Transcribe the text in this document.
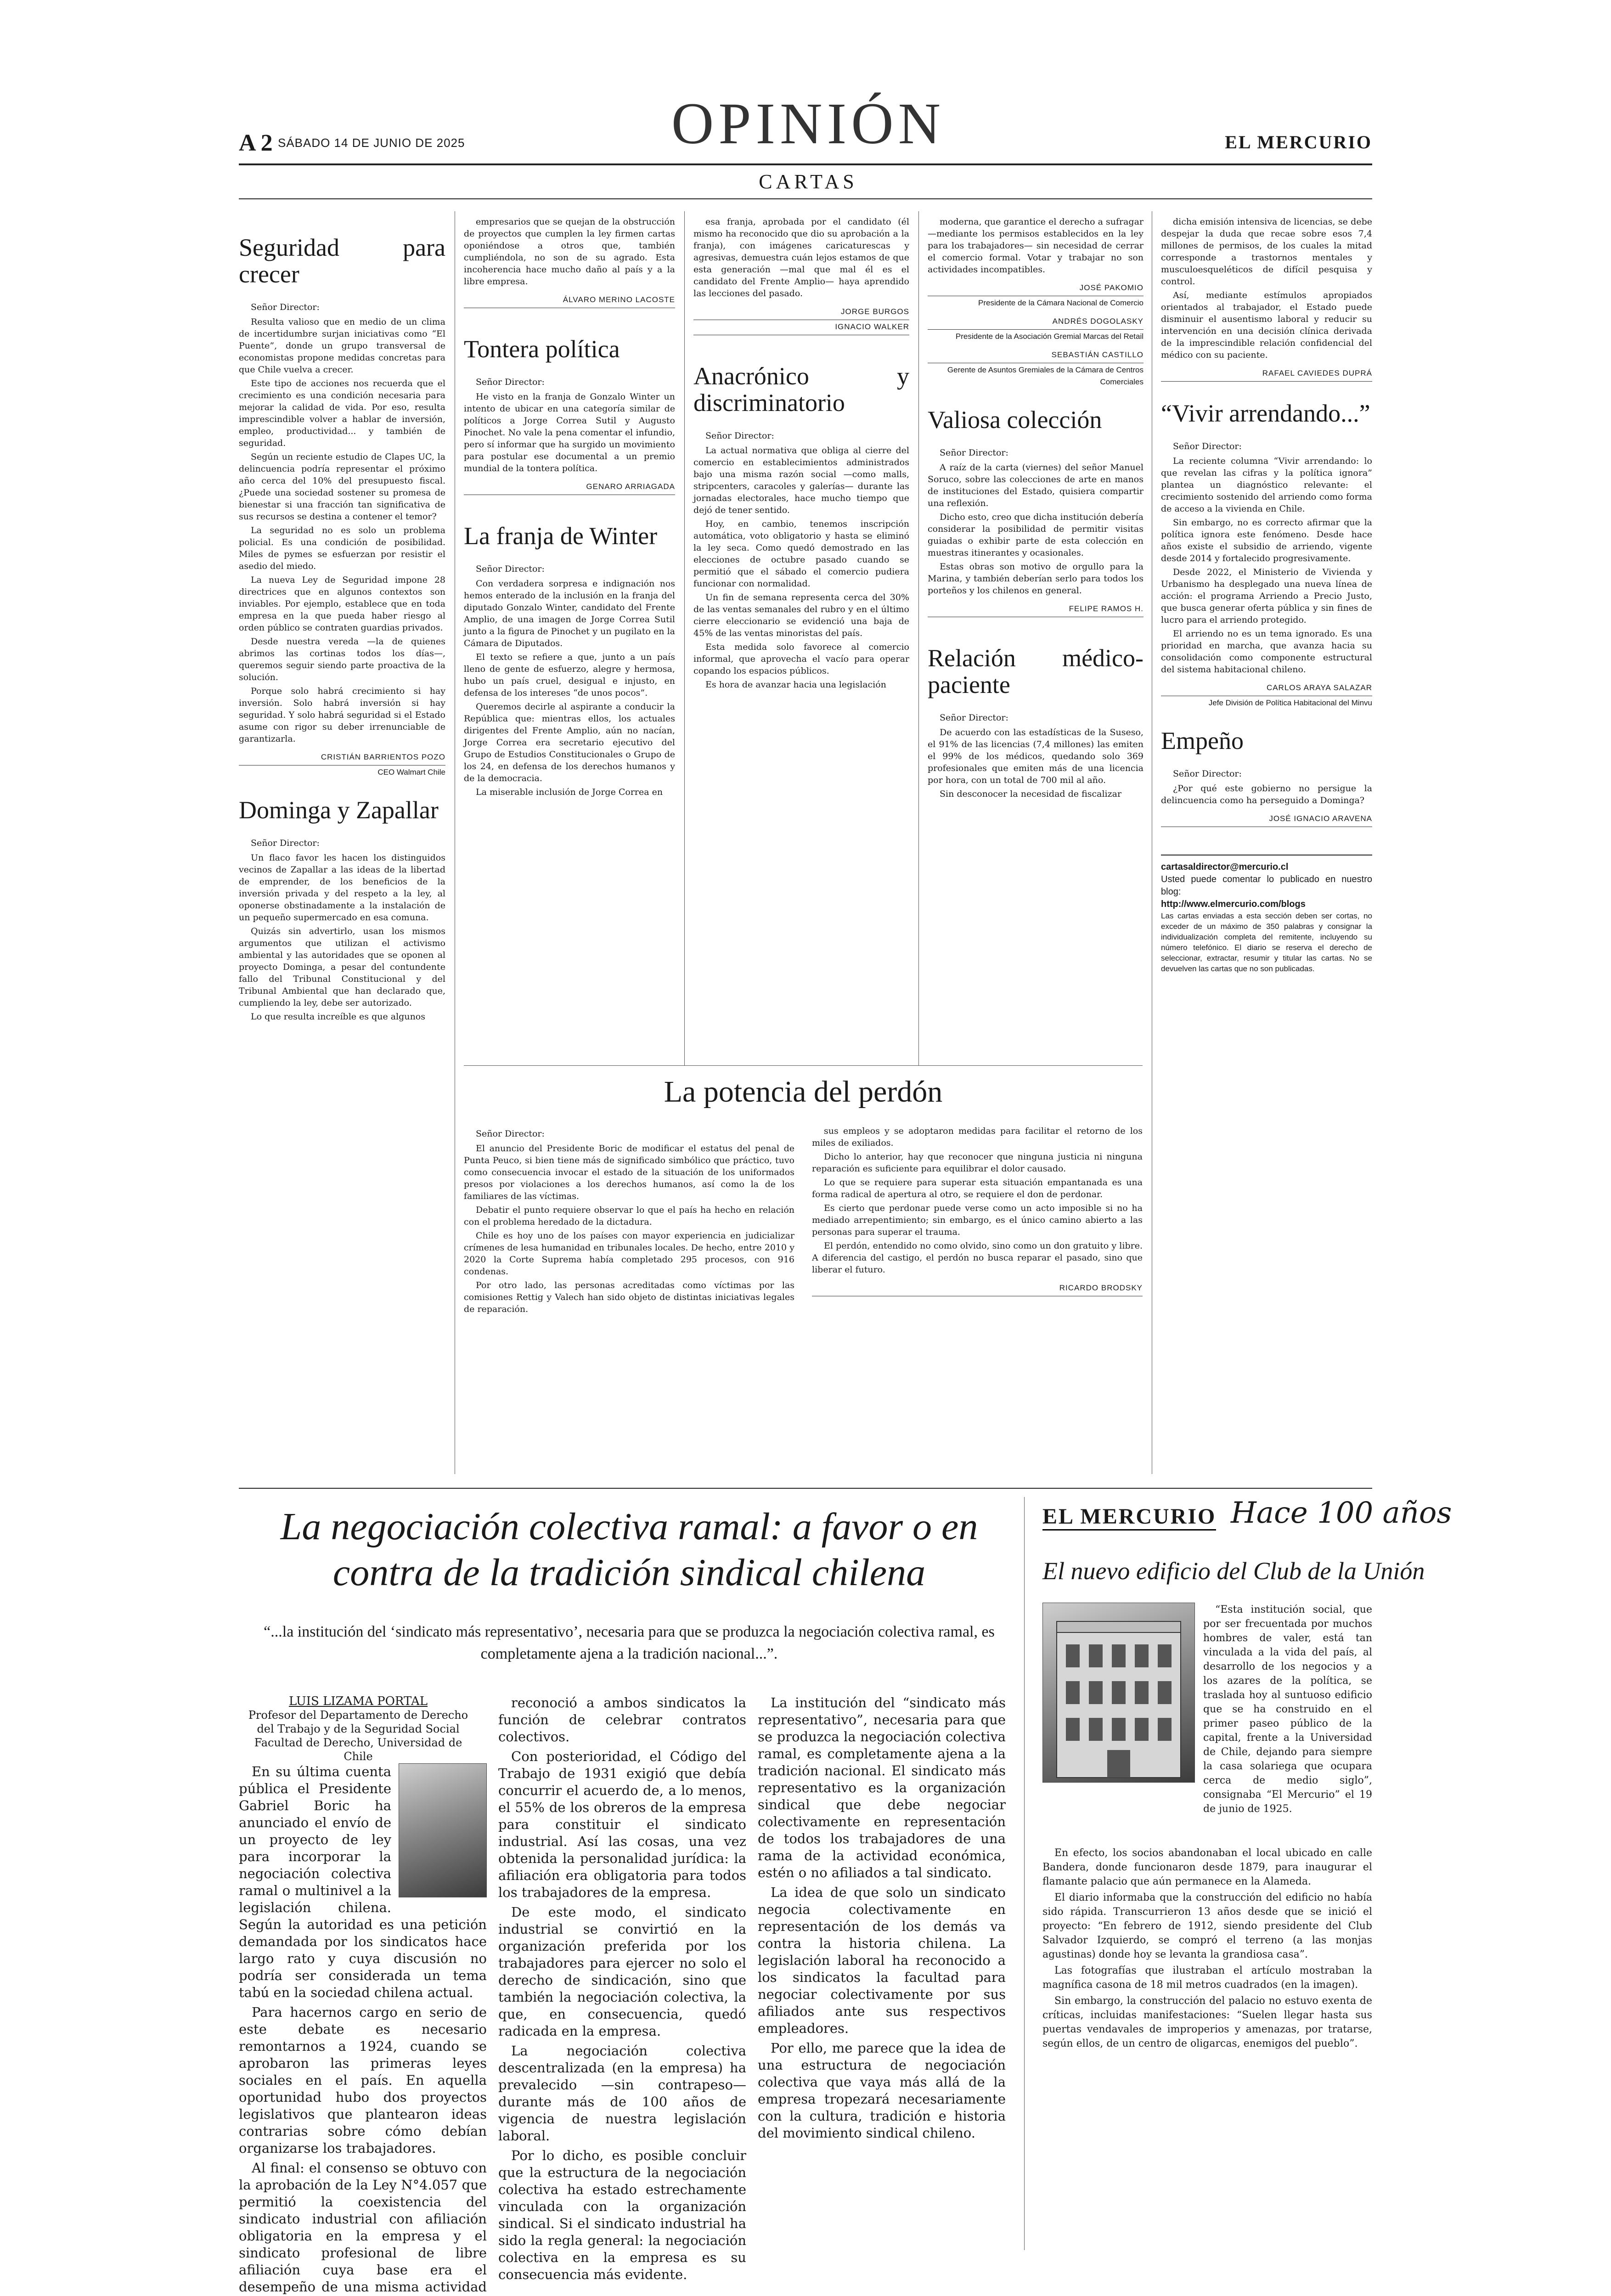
A 2 SÁBADO 14 DE JUNIO DE 2025	OPINIÓN	EL MERCURIO
CARTAS
Seguridad para crecer
Señor Director:

Resulta valioso que en medio de un clima de incertidumbre surjan iniciativas como “El Puente”, donde un grupo transversal de economistas propone medidas concretas para que Chile vuelva a crecer.

Este tipo de acciones nos recuerda que el crecimiento es una condición necesaria para mejorar la calidad de vida. Por eso, resulta imprescindible volver a hablar de inversión, empleo, productividad... y también de seguridad.

Según un reciente estudio de Clapes UC, la delincuencia podría representar el próximo año cerca del 10% del presupuesto fiscal. ¿Puede una sociedad sostener su promesa de bienestar si una fracción tan significativa de sus recursos se destina a contener el temor?

La seguridad no es solo un problema policial. Es una condición de posibilidad. Miles de pymes se esfuerzan por resistir el asedio del miedo.

La nueva Ley de Seguridad impone 28 directrices que en algunos contextos son inviables. Por ejemplo, establece que en toda empresa en la que pueda haber riesgo al orden público se contraten guardias privados.

Desde nuestra vereda —la de quienes abrimos las cortinas todos los días—, queremos seguir siendo parte proactiva de la solución.

Porque solo habrá crecimiento si hay inversión. Solo habrá inversión si hay seguridad. Y solo habrá seguridad si el Estado asume con rigor su deber irrenunciable de garantizarla.

CRISTIÁN BARRIENTOS POZO
CEO Walmart Chile
Dominga y Zapallar
Señor Director:

Un flaco favor les hacen los distinguidos vecinos de Zapallar a las ideas de la libertad de emprender, de los beneficios de la inversión privada y del respeto a la ley, al oponerse obstinadamente a la instalación de un pequeño supermercado en esa comuna.

Quizás sin advertirlo, usan los mismos argumentos que utilizan el activismo ambiental y las autoridades que se oponen al proyecto Dominga, a pesar del contundente fallo del Tribunal Constitucional y del Tribunal Ambiental que han declarado que, cumpliendo la ley, debe ser autorizado.

Lo que resulta increíble es que algunos

empresarios que se quejan de la obstrucción de proyectos que cumplen la ley firmen cartas oponiéndose a otros que, también cumpliéndola, no son de su agrado. Esta incoherencia hace mucho daño al país y a la libre empresa.

ÁLVARO MERINO LACOSTE
Tontera política
Señor Director:

He visto en la franja de Gonzalo Winter un intento de ubicar en una categoría similar de políticos a Jorge Correa Sutil y Augusto Pinochet. No vale la pena comentar el infundio, pero sí informar que ha surgido un movimiento para postular ese documental a un premio mundial de la tontera política.

GENARO ARRIAGADA
La franja de Winter
Señor Director:

Con verdadera sorpresa e indignación nos hemos enterado de la inclusión en la franja del diputado Gonzalo Winter, candidato del Frente Amplio, de una imagen de Jorge Correa Sutil junto a la figura de Pinochet y un pugilato en la Cámara de Diputados.

El texto se refiere a que, junto a un país lleno de gente de esfuerzo, alegre y hermosa, hubo un país cruel, desigual e injusto, en defensa de los intereses “de unos pocos”.

Queremos decirle al aspirante a conducir la República que: mientras ellos, los actuales dirigentes del Frente Amplio, aún no nacían, Jorge Correa era secretario ejecutivo del Grupo de Estudios Constitucionales o Grupo de los 24, en defensa de los derechos humanos y de la democracia.

La miserable inclusión de Jorge Correa en

esa franja, aprobada por el candidato (él mismo ha reconocido que dio su aprobación a la franja), con imágenes caricaturescas y agresivas, demuestra cuán lejos estamos de que esta generación —mal que mal él es el candidato del Frente Amplio— haya aprendido las lecciones del pasado.

JORGE BURGOS
IGNACIO WALKER
Anacrónico y discriminatorio
Señor Director:

La actual normativa que obliga al cierre del comercio en establecimientos administrados bajo una misma razón social —como malls, stripcenters, caracoles y galerías— durante las jornadas electorales, hace mucho tiempo que dejó de tener sentido.

Hoy, en cambio, tenemos inscripción automática, voto obligatorio y hasta se eliminó la ley seca. Como quedó demostrado en las elecciones de octubre pasado cuando se permitió que el sábado el comercio pudiera funcionar con normalidad.

Un fin de semana representa cerca del 30% de las ventas semanales del rubro y en el último cierre eleccionario se evidenció una baja de 45% de las ventas minoristas del país.

Esta medida solo favorece al comercio informal, que aprovecha el vacío para operar copando los espacios públicos.

Es hora de avanzar hacia una legislación

moderna, que garantice el derecho a sufragar —mediante los permisos establecidos en la ley para los trabajadores— sin necesidad de cerrar el comercio formal. Votar y trabajar no son actividades incompatibles.

JOSÉ PAKOMIO
Presidente de la Cámara Nacional de Comercio
ANDRÉS DOGOLASKY
Presidente de la Asociación Gremial Marcas del Retail
SEBASTIÁN CASTILLO
Gerente de Asuntos Gremiales de la Cámara de Centros Comerciales
Valiosa colección
Señor Director:

A raíz de la carta (viernes) del señor Manuel Soruco, sobre las colecciones de arte en manos de instituciones del Estado, quisiera compartir una reflexión.

Dicho esto, creo que dicha institución debería considerar la posibilidad de permitir visitas guiadas o exhibir parte de esta colección en muestras itinerantes y ocasionales.

Estas obras son motivo de orgullo para la Marina, y también deberían serlo para todos los porteños y los chilenos en general.

FELIPE RAMOS H.
Relación médico-paciente
Señor Director:

De acuerdo con las estadísticas de la Suseso, el 91% de las licencias (7,4 millones) las emiten el 99% de los médicos, quedando solo 369 profesionales que emiten más de una licencia por hora, con un total de 700 mil al año.

Sin desconocer la necesidad de fiscalizar

dicha emisión intensiva de licencias, se debe despejar la duda que recae sobre esos 7,4 millones de permisos, de los cuales la mitad corresponde a trastornos mentales y musculoesqueléticos de difícil pesquisa y control.

Así, mediante estímulos apropiados orientados al trabajador, el Estado puede disminuir el ausentismo laboral y reducir su intervención en una decisión clínica derivada de la imprescindible relación confidencial del médico con su paciente.

RAFAEL CAVIEDES DUPRÁ
“Vivir arrendando...”
Señor Director:

La reciente columna “Vivir arrendando: lo que revelan las cifras y la política ignora” plantea un diagnóstico relevante: el crecimiento sostenido del arriendo como forma de acceso a la vivienda en Chile.

Sin embargo, no es correcto afirmar que la política ignora este fenómeno. Desde hace años existe el subsidio de arriendo, vigente desde 2014 y fortalecido progresivamente.

Desde 2022, el Ministerio de Vivienda y Urbanismo ha desplegado una nueva línea de acción: el programa Arriendo a Precio Justo, que busca generar oferta pública y sin fines de lucro para el arriendo protegido.

El arriendo no es un tema ignorado. Es una prioridad en marcha, que avanza hacia su consolidación como componente estructural del sistema habitacional chileno.

CARLOS ARAYA SALAZAR
Jefe División de Política Habitacional del Minvu
Empeño
Señor Director:

¿Por qué este gobierno no persigue la delincuencia como ha perseguido a Dominga?

JOSÉ IGNACIO ARAVENA
cartasaldirector@mercurio.cl
Usted puede comentar lo publicado en nuestro blog:
http://www.elmercurio.com/blogs
Las cartas enviadas a esta sección deben ser cortas, no exceder de un máximo de 350 palabras y consignar la individualización completa del remitente, incluyendo su número telefónico. El diario se reserva el derecho de seleccionar, extractar, resumir y titular las cartas. No se devuelven las cartas que no son publicadas.
La potencia del perdón
Señor Director:

El anuncio del Presidente Boric de modificar el estatus del penal de Punta Peuco, si bien tiene más de significado simbólico que práctico, tuvo como consecuencia invocar el estado de la situación de los uniformados presos por violaciones a los derechos humanos, así como la de los familiares de las víctimas.

Debatir el punto requiere observar lo que el país ha hecho en relación con el problema heredado de la dictadura.

Chile es hoy uno de los países con mayor experiencia en judicializar crímenes de lesa humanidad en tribunales locales. De hecho, entre 2010 y 2020 la Corte Suprema había completado 295 procesos, con 916 condenas.

Por otro lado, las personas acreditadas como víctimas por las comisiones Rettig y Valech han sido objeto de distintas iniciativas legales de reparación.

sus empleos y se adoptaron medidas para facilitar el retorno de los miles de exiliados.

Dicho lo anterior, hay que reconocer que ninguna justicia ni ninguna reparación es suficiente para equilibrar el dolor causado.

Lo que se requiere para superar esta situación empantanada es una forma radical de apertura al otro, se requiere el don de perdonar.

Es cierto que perdonar puede verse como un acto imposible si no ha mediado arrepentimiento; sin embargo, es el único camino abierto a las personas para superar el trauma.

El perdón, entendido no como olvido, sino como un don gratuito y libre. A diferencia del castigo, el perdón no busca reparar el pasado, sino que liberar el futuro.

RICARDO BRODSKY
La negociación colectiva ramal: a favor o en contra de la tradición sindical chilena
“...la institución del ‘sindicato más representativo’, necesaria para que se produzca la negociación colectiva ramal, es completamente ajena a la tradición nacional...”.
LUIS LIZAMA PORTAL
Profesor del Departamento de Derecho del Trabajo y de la Seguridad Social Facultad de Derecho, Universidad de Chile

En su última cuenta pública el Presidente Gabriel Boric ha anunciado el envío de un proyecto de ley para incorporar la negociación colectiva ramal o multinivel a la legislación chilena. Según la autoridad es una petición demandada por los sindicatos hace largo rato y cuya discusión no podría ser considerada un tema tabú en la sociedad chilena actual.

Para hacernos cargo en serio de este debate es necesario remontarnos a 1924, cuando se aprobaron las primeras leyes sociales en el país. En aquella oportunidad hubo dos proyectos legislativos que plantearon ideas contrarias sobre cómo debían organizarse los trabajadores.

Al final: el consenso se obtuvo con la aprobación de la Ley N°4.057 que permitió la coexistencia del sindicato industrial con afiliación obligatoria en la empresa y el sindicato profesional de libre afiliación cuya base era el desempeño de una misma actividad

reconoció a ambos sindicatos la función de celebrar contratos colectivos.

Con posterioridad, el Código del Trabajo de 1931 exigió que debía concurrir el acuerdo de, a lo menos, el 55% de los obreros de la empresa para constituir el sindicato industrial. Así las cosas, una vez obtenida la personalidad jurídica: la afiliación era obligatoria para todos los trabajadores de la empresa.

De este modo, el sindicato industrial se convirtió en la organización preferida por los trabajadores para ejercer no solo el derecho de sindicación, sino que también la negociación colectiva, la que, en consecuencia, quedó radicada en la empresa.

La negociación colectiva descentralizada (en la empresa) ha prevalecido —sin contrapeso— durante más de 100 años de vigencia de nuestra legislación laboral.

Por lo dicho, es posible concluir que la estructura de la negociación colectiva ha estado estrechamente vinculada con la organización sindical. Si el sindicato industrial ha sido la regla general: la negociación colectiva en la empresa es su consecuencia más evidente.

La institución del “sindicato más representativo”, necesaria para que se produzca la negociación colectiva ramal, es completamente ajena a la tradición nacional. El sindicato más representativo es la organización sindical que debe negociar colectivamente en representación de todos los trabajadores de una rama de la actividad económica, estén o no afiliados a tal sindicato.

La idea de que solo un sindicato negocia colectivamente en representación de los demás va contra la historia chilena. La legislación laboral ha reconocido a los sindicatos la facultad para negociar colectivamente por sus afiliados ante sus respectivos empleadores.

Por ello, me parece que la idea de una estructura de negociación colectiva que vaya más allá de la empresa tropezará necesariamente con la cultura, tradición e historia del movimiento sindical chileno.

EL MERCURIO Hace 100 años
El nuevo edificio del Club de la Unión

“Esta institución social, que por ser frecuentada por muchos hombres de valer, está tan vinculada a la vida del país, al desarrollo de los negocios y a los azares de la política, se traslada hoy al suntuoso edificio que se ha construido en el primer paseo público de la capital, frente a la Universidad de Chile, dejando para siempre la casa solariega que ocupara cerca de medio siglo”, consignaba “El Mercurio” el 19 de junio de 1925.

En efecto, los socios abandonaban el local ubicado en calle Bandera, donde funcionaron desde 1879, para inaugurar el flamante palacio que aún permanece en la Alameda.

El diario informaba que la construcción del edificio no había sido rápida. Transcurrieron 13 años desde que se inició el proyecto: “En febrero de 1912, siendo presidente del Club Salvador Izquierdo, se compró el terreno (a las monjas agustinas) donde hoy se levanta la grandiosa casa”.

Las fotografías que ilustraban el artículo mostraban la magnífica casona de 18 mil metros cuadrados (en la imagen).

Sin embargo, la construcción del palacio no estuvo exenta de críticas, incluidas manifestaciones: “Suelen llegar hasta sus puertas vendavales de improperios y amenazas, por tratarse, según ellos, de un centro de oligarcas, enemigos del pueblo”.
